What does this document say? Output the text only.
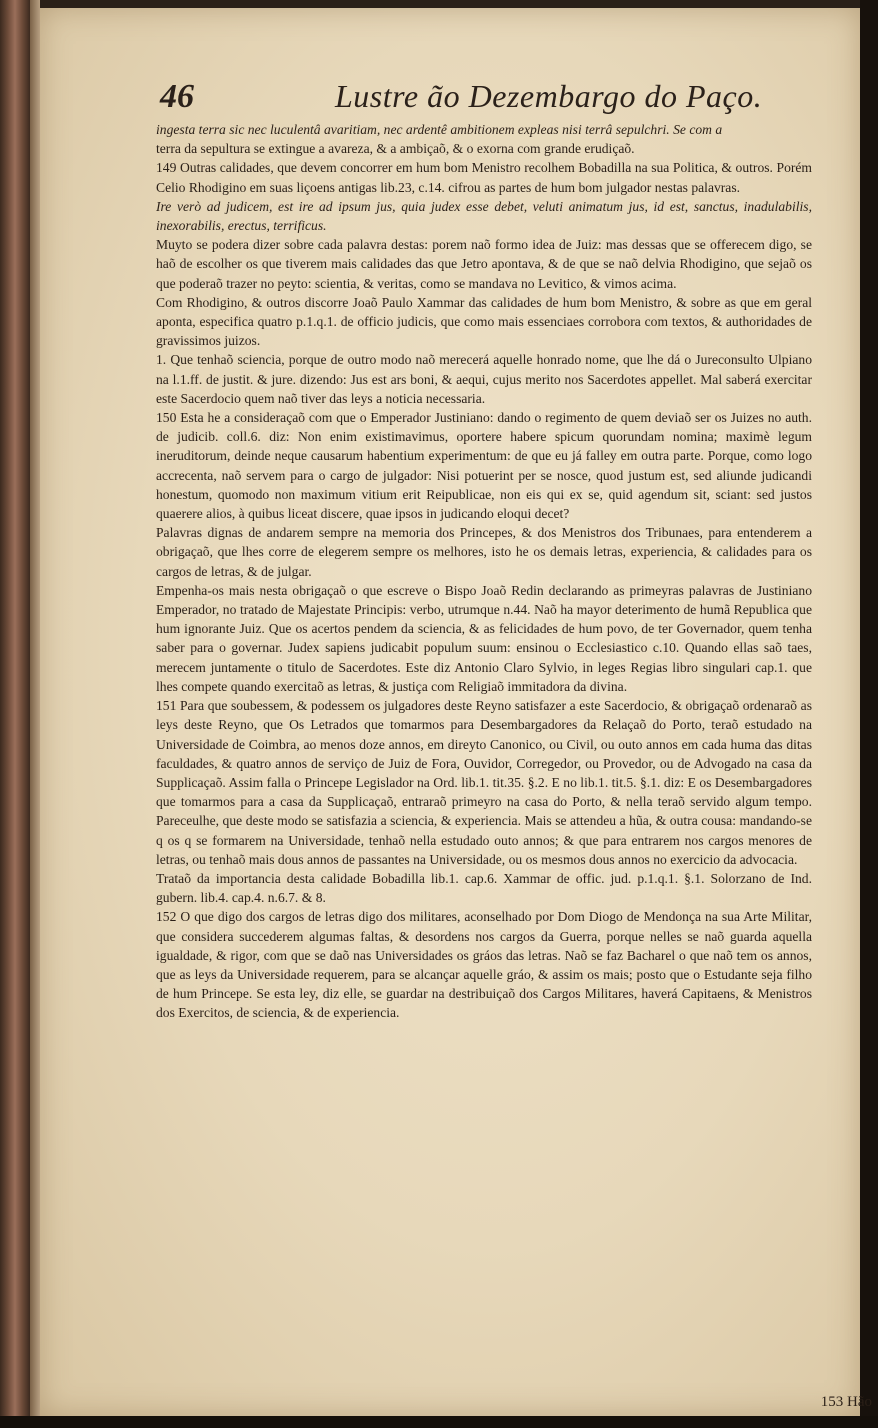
46	Lustre ão Dezembargo do Paço.

ingesta terra sic nec luculentâ avaritiam, nec ardentê ambitionem expleas nisi terrâ sepulchri. Se com a

terra da sepultura se extingue a avareza, & a ambiçaõ, & o exorna com grande erudiçaõ.
149 Outras calidades, que devem concorrer em hum bom Menistro recolhem Bobadilla na sua Politica, & outros. Porém Celio Rhodigino em suas liçoens antigas lib.23, c.14. cifrou as partes de hum bom julgador nestas palavras.

Ire verò ad judicem, est ire ad ipsum jus, quia judex esse debet, veluti animatum jus, id est, sanctus, inadulabilis, inexorabilis, erectus, terrificus.

Muyto se podera dizer sobre cada palavra destas: porem naõ formo idea de Juiz: mas dessas que se offerecem digo, se haõ de escolher os que tiverem mais calidades das que Jetro apontava, & de que se naõ delvia Rhodigino, que sejaõ os que poderaõ trazer no peyto: scientia, & veritas, como se mandava no Levitico, & vimos acima.
Com Rhodigino, & outros discorre Joaõ Paulo Xammar das calidades de hum bom Menistro, & sobre as que em geral aponta, especifica quatro p.1.q.1. de officio judicis, que como mais essenciaes corrobora com textos, & authoridades de gravissimos juizos.
1. Que tenhaõ sciencia, porque de outro modo naõ merecerá aquelle honrado nome, que lhe dá o Jureconsulto Ulpiano na l.1.ff. de justit. & jure. dizendo: Jus est ars boni, & aequi, cujus merito nos Sacerdotes appellet. Mal saberá exercitar este Sacerdocio quem naõ tiver das leys a noticia necessaria.
150 Esta he a consideraçaõ com que o Emperador Justiniano: dando o regimento de quem deviaõ ser os Juizes no auth. de judicib. coll.6. diz: Non enim existimavimus, oportere habere spicum quorundam nomina; maximè legum ineruditorum, deinde neque causarum habentium experimentum: de que eu já falley em outra parte. Porque, como logo accrecenta, naõ servem para o cargo de julgador: Nisi potuerint per se nosce, quod justum est, sed aliunde judicandi honestum, quomodo non maximum vitium erit Reipublicae, non eis qui ex se, quid agendum sit, sciant: sed justos quaerere alios, à quibus liceat discere, quae ipsos in judicando eloqui decet?
Palavras dignas de andarem sempre na memoria dos Princepes, & dos Menistros dos Tribunaes, para entenderem a obrigaçaõ, que lhes corre de elegerem sempre os melhores, isto he os demais letras, experiencia, & calidades para os cargos de letras, & de julgar.
Empenha-os mais nesta obrigaçaõ o que escreve o Bispo Joaõ Redin declarando as primeyras palavras de Justiniano Emperador, no tratado de Majestate Principis: verbo, utrumque n.44. Naõ ha mayor deterimento de humã Republica que hum ignorante Juiz. Que os acertos pendem da sciencia, & as felicidades de hum povo, de ter Governador, quem tenha saber para o governar. Judex sapiens judicabit populum suum: ensinou o Ecclesiastico c.10. Quando ellas saõ taes, merecem juntamente o titulo de Sacerdotes. Este diz Antonio Claro Sylvio, in leges Regias libro singulari cap.1. que lhes compete quando exercitaõ as letras, & justiça com Religiaõ immitadora da divina.
151 Para que soubessem, & podessem os julgadores deste Reyno satisfazer a este Sacerdocio, & obrigaçaõ ordenaraõ as leys deste Reyno, que Os Letrados que tomarmos para Desembargadores da Relaçaõ do Porto, teraõ estudado na Universidade de Coimbra, ao menos doze annos, em direyto Canonico, ou Civil, ou outo annos em cada huma das ditas faculdades, & quatro annos de serviço de Juiz de Fora, Ouvidor, Corregedor, ou Provedor, ou de Advogado na casa da Supplicaçaõ. Assim falla o Princepe Legislador na Ord. lib.1. tit.35. §.2. E no lib.1. tit.5. §.1. diz: E os Desembargadores que tomarmos para a casa da Supplicaçaõ, entraraõ primeyro na casa do Porto, & nella teraõ servido algum tempo. Pareceulhe, que deste modo se satisfazia a sciencia, & experiencia. Mais se attendeu a hũa, & outra cousa: mandando-se q os q se formarem na Universidade, tenhaõ nella estudado outo annos; & que para entrarem nos cargos menores de letras, ou tenhaõ mais dous annos de passantes na Universidade, ou os mesmos dous annos no exercicio da advocacia.
Trataõ da importancia desta calidade Bobadilla lib.1. cap.6. Xammar de offic. jud. p.1.q.1. §.1. Solorzano de Ind. gubern. lib.4. cap.4. n.6.7. & 8.
152 O que digo dos cargos de letras digo dos militares, aconselhado por Dom Diogo de Mendonça na sua Arte Militar, que considera succederem algumas faltas, & desordens nos cargos da Guerra, porque nelles se naõ guarda aquella igualdade, & rigor, com que se daõ nas Universidades os gráos das letras. Naõ se faz Bacharel o que naõ tem os annos, que as leys da Universidade requerem, para se alcançar aquelle gráo, & assim os mais; posto que o Estudante seja filho de hum Princepe. Se esta ley, diz elle, se guardar na destribuiçaõ dos Cargos Militares, haverá Capitaens, & Menistros dos Exercitos, de sciencia, & de experiencia.

153 Hão
